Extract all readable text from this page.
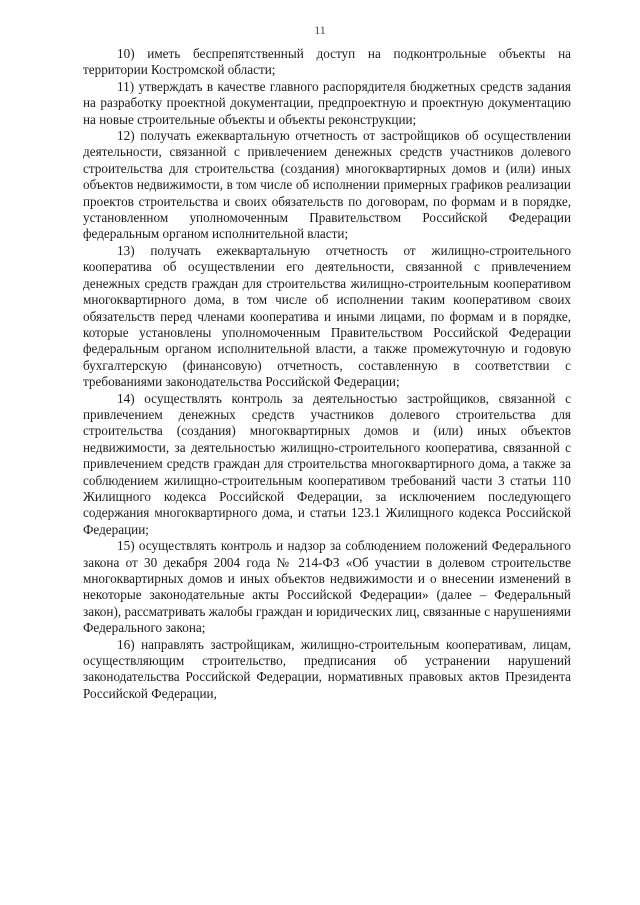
11

10) иметь беспрепятственный доступ на подконтрольные объекты на территории Костромской области;

11) утверждать в качестве главного распорядителя бюджетных средств задания на разработку проектной документации, предпроектную и проектную документацию на новые строительные объекты и объекты реконструкции;

12) получать ежеквартальную отчетность от застройщиков об осуществлении деятельности, связанной с привлечением денежных средств участников долевого строительства для строительства (создания) многоквартирных домов и (или) иных объектов недвижимости, в том числе об исполнении примерных графиков реализации проектов строительства и своих обязательств по договорам, по формам и в порядке, установленном уполномоченным Правительством Российской Федерации федеральным органом исполнительной власти;

13) получать ежеквартальную отчетность от жилищно-строительного кооператива об осуществлении его деятельности, связанной с привлечением денежных средств граждан для строительства жилищно-строительным кооперативом многоквартирного дома, в том числе об исполнении таким кооперативом своих обязательств перед членами кооператива и иными лицами, по формам и в порядке, которые установлены уполномоченным Правительством Российской Федерации федеральным органом исполнительной власти, а также промежуточную и годовую бухгалтерскую (финансовую) отчетность, составленную в соответствии с требованиями законодательства Российской Федерации;

14) осуществлять контроль за деятельностью застройщиков, связанной с привлечением денежных средств участников долевого строительства для строительства (создания) многоквартирных домов и (или) иных объектов недвижимости, за деятельностью жилищно-строительного кооператива, связанной с привлечением средств граждан для строительства многоквартирного дома, а также за соблюдением жилищно-строительным кооперативом требований части 3 статьи 110 Жилищного кодекса Российской Федерации, за исключением последующего содержания многоквартирного дома, и статьи 123.1 Жилищного кодекса Российской Федерации;

15) осуществлять контроль и надзор за соблюдением положений Федерального закона от 30 декабря 2004 года № 214-ФЗ «Об участии в долевом строительстве многоквартирных домов и иных объектов недвижимости и о внесении изменений в некоторые законодательные акты Российской Федерации» (далее – Федеральный закон), рассматривать жалобы граждан и юридических лиц, связанные с нарушениями Федерального закона;

16) направлять застройщикам, жилищно-строительным кооперативам, лицам, осуществляющим строительство, предписания об устранении нарушений законодательства Российской Федерации, нормативных правовых актов Президента Российской Федерации,
